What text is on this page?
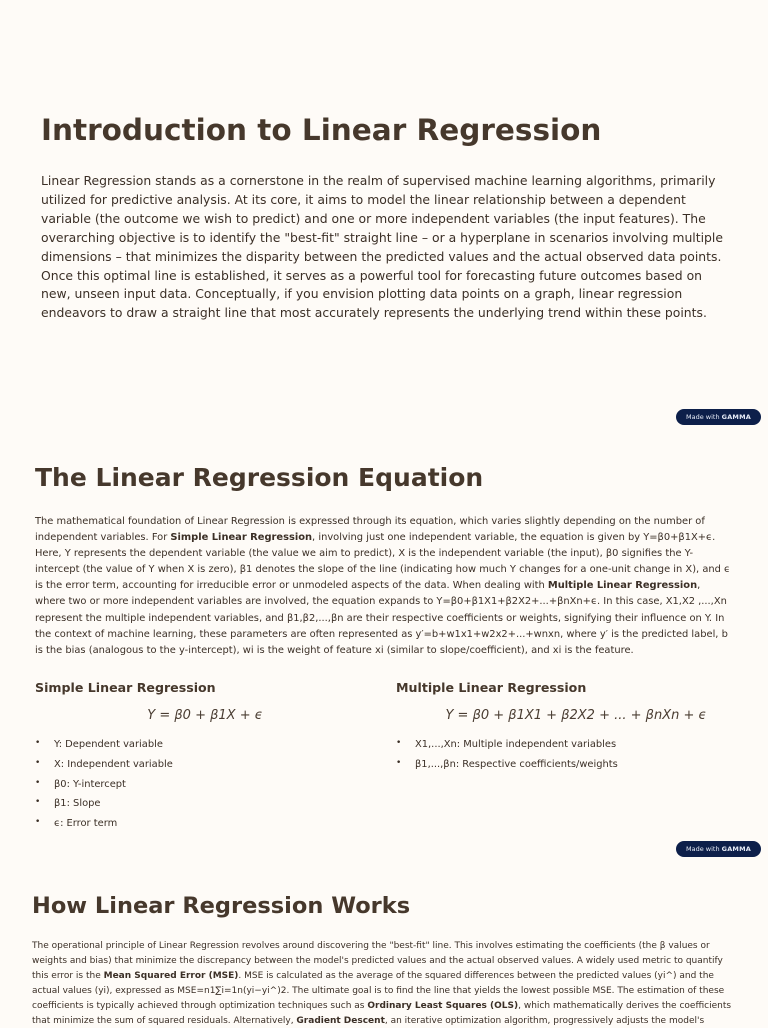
Introduction to Linear Regression

Linear Regression stands as a cornerstone in the realm of supervised machine learning algorithms, primarily utilized for predictive analysis. At its core, it aims to model the linear relationship between a dependent variable (the outcome we wish to predict) and one or more independent variables (the input features). The overarching objective is to identify the "best-fit" straight line – or a hyperplane in scenarios involving multiple dimensions – that minimizes the disparity between the predicted values and the actual observed data points. Once this optimal line is established, it serves as a powerful tool for forecasting future outcomes based on new, unseen input data. Conceptually, if you envision plotting data points on a graph, linear regression endeavors to draw a straight line that most accurately represents the underlying trend within these points.

Made with GAMMA
The Linear Regression Equation

The mathematical foundation of Linear Regression is expressed through its equation, which varies slightly depending on the number of independent variables. For Simple Linear Regression, involving just one independent variable, the equation is given by Y=β0+β1X+ϵ. Here, Y represents the dependent variable (the value we aim to predict), X is the independent variable (the input), β0 signifies the Y-intercept (the value of Y when X is zero), β1 denotes the slope of the line (indicating how much Y changes for a one-unit change in X), and ϵ is the error term, accounting for irreducible error or unmodeled aspects of the data. When dealing with Multiple Linear Regression, where two or more independent variables are involved, the equation expands to Y=β0+β1X1+β2X2+...+βnXn+ϵ. In this case, X1,X2 ,...,Xn represent the multiple independent variables, and β1,β2,...,βn are their respective coefficients or weights, signifying their influence on Y. In the context of machine learning, these parameters are often represented as y′=b+w1x1+w2x2+...+wnxn, where y′ is the predicted label, b is the bias (analogous to the y-intercept), wi is the weight of feature xi (similar to slope/coefficient), and xi is the feature.

Simple Linear Regression
Y = β0 + β1X + ϵ
• Y: Dependent variable
• X: Independent variable
• β0: Y-intercept
• β1: Slope
• ϵ: Error term
Multiple Linear Regression
Y = β0 + β1X1 + β2X2 + ... + βnXn + ϵ
• X1,...,Xn: Multiple independent variables
• β1,...,βn: Respective coefficients/weights
Made with GAMMA
How Linear Regression Works

The operational principle of Linear Regression revolves around discovering the "best-fit" line. This involves estimating the coefficients (the β values or weights and bias) that minimize the discrepancy between the model's predicted values and the actual observed values. A widely used metric to quantify this error is the Mean Squared Error (MSE). MSE is calculated as the average of the squared differences between the predicted values (yi^) and the actual values (yi), expressed as MSE=n1∑i=1n(yi−yi^)2. The ultimate goal is to find the line that yields the lowest possible MSE. The estimation of these coefficients is typically achieved through optimization techniques such as Ordinary Least Squares (OLS), which mathematically derives the coefficients that minimize the sum of squared residuals. Alternatively, Gradient Descent, an iterative optimization algorithm, progressively adjusts the model's
